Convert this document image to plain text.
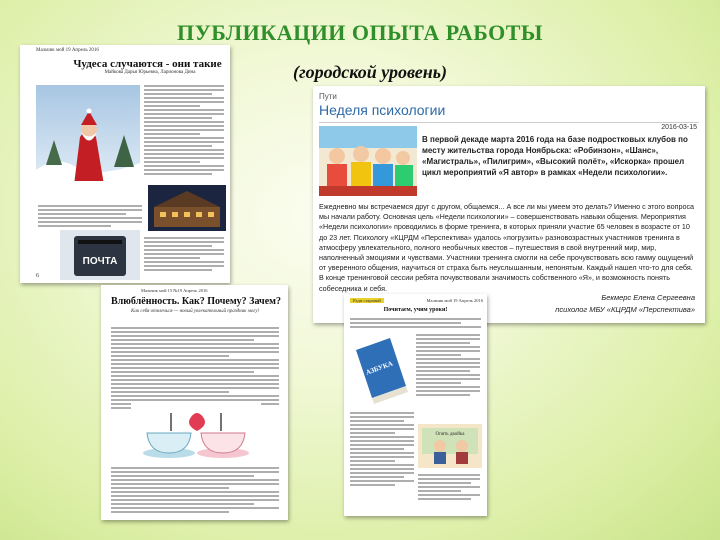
ПУБЛИКАЦИИ ОПЫТА РАБОТЫ
(городской уровень)
Мальчик мой 19 Апрель 2016
Чудеса случаются - они такие
Майкова Дарья Юрьевна, Ларионова Дина
ПОЧТА
6
Пути
Неделя психологии
2016-03-15
В первой декаде марта 2016 года на базе подростковых клубов по месту жительства города Ноябрьска: «Робинзон», «Шанс», «Магистраль», «Пилигрим», «Высокий полёт», «Искорка» прошел цикл мероприятий «Я автор» в рамках «Недели психологии».
Ежедневно мы встречаемся друг с другом, общаемся... А все ли мы умеем это делать? Именно с этого вопроса мы начали работу. Основная цель «Недели психологии» – совершенствовать навыки общения. Мероприятия «Недели психологии» проводились в форме тренинга, в которых приняли участие 65 человек в возрасте от 10 до 23 лет. Психологу «КЦРДМ «Перспектива» удалось «погрузить» разновозрастных участников тренинга в атмосферу увлекательного, полного необычных квестов – путешествия в свой внутренний мир, мир, наполненный эмоциями и чувствами. Участники тренинга смогли на себе прочувствовать всю гамму ощущений от уверенного общения, научиться от страха быть неуслышанным, непонятым. Каждый нашел что-то для себя. В конце тренинговой сессии ребята почувствовали значимость собственного «Я», и возможность понять собеседника и себя.
Бекмерс Елена Сергеевна
психолог МБУ «КЦРДМ «Перспектива»
Мальчик мой 15 №19 Апрель 2016
Влюблённость. Как? Почему? Зачем?
Как себя отвлечься — новый увлекательный праздник могу!
Ради стараний	Мальчик мой 19 Апрель 2016
Почитаем, учим уроки!
АЗБУКА
Опять двойка
